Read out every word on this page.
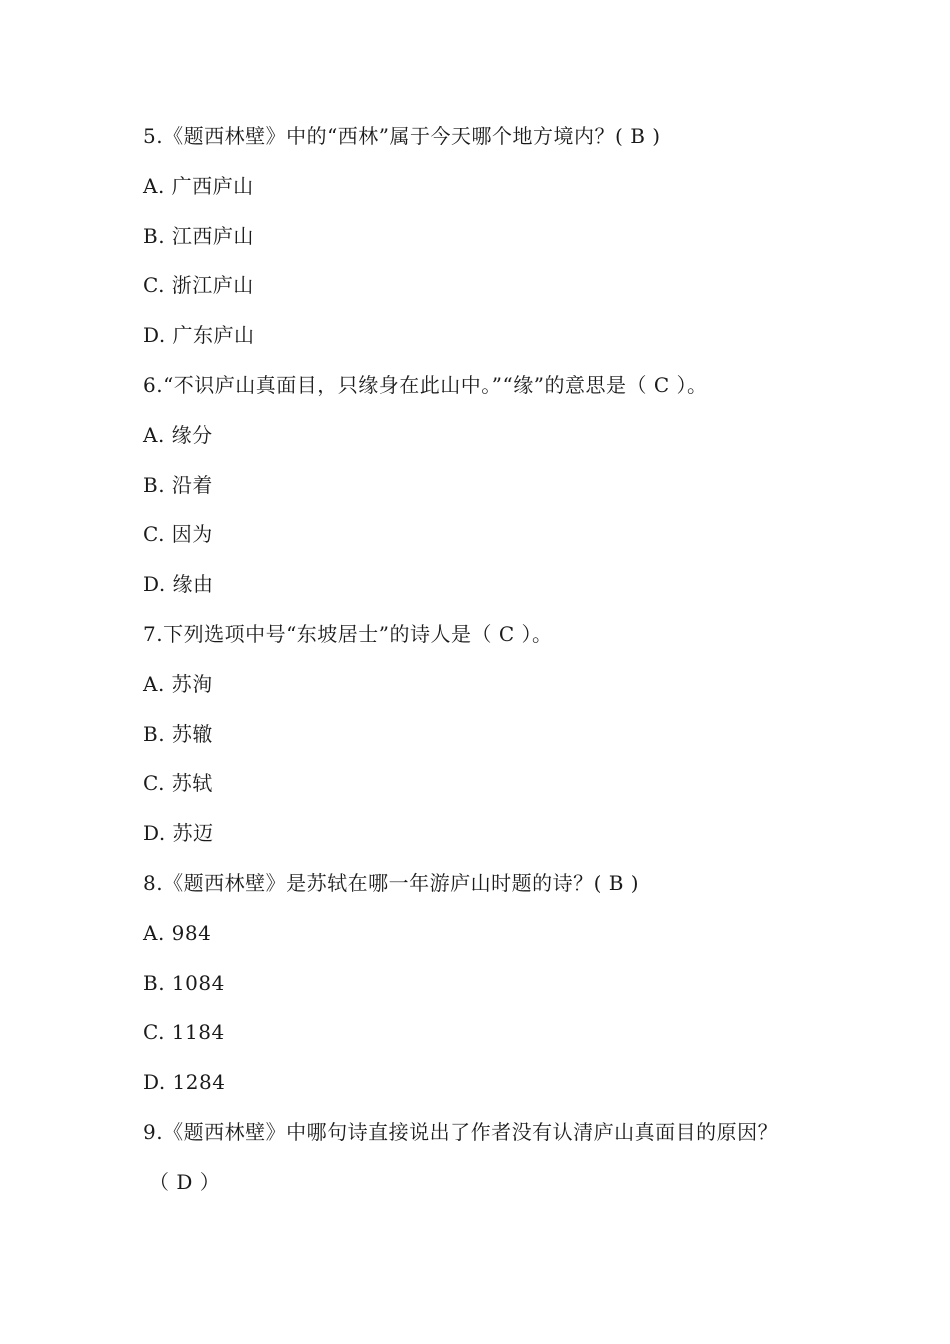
5.《题西林壁》中的“西林”属于今天哪个地方境内？( B )
A. 广西庐山
B. 江西庐山
C. 浙江庐山
D. 广东庐山
6.“不识庐山真面目，只缘身在此山中。”“缘”的意思是（ C ）。
A. 缘分
B. 沿着
C. 因为
D. 缘由
7.下列选项中号“东坡居士”的诗人是（ C ）。
A. 苏洵
B. 苏辙
C. 苏轼
D. 苏迈
8.《题西林壁》是苏轼在哪一年游庐山时题的诗？( B )
A. 984
B. 1084
C. 1184
D. 1284
9.《题西林壁》中哪句诗直接说出了作者没有认清庐山真面目的原因？
（ D ）
